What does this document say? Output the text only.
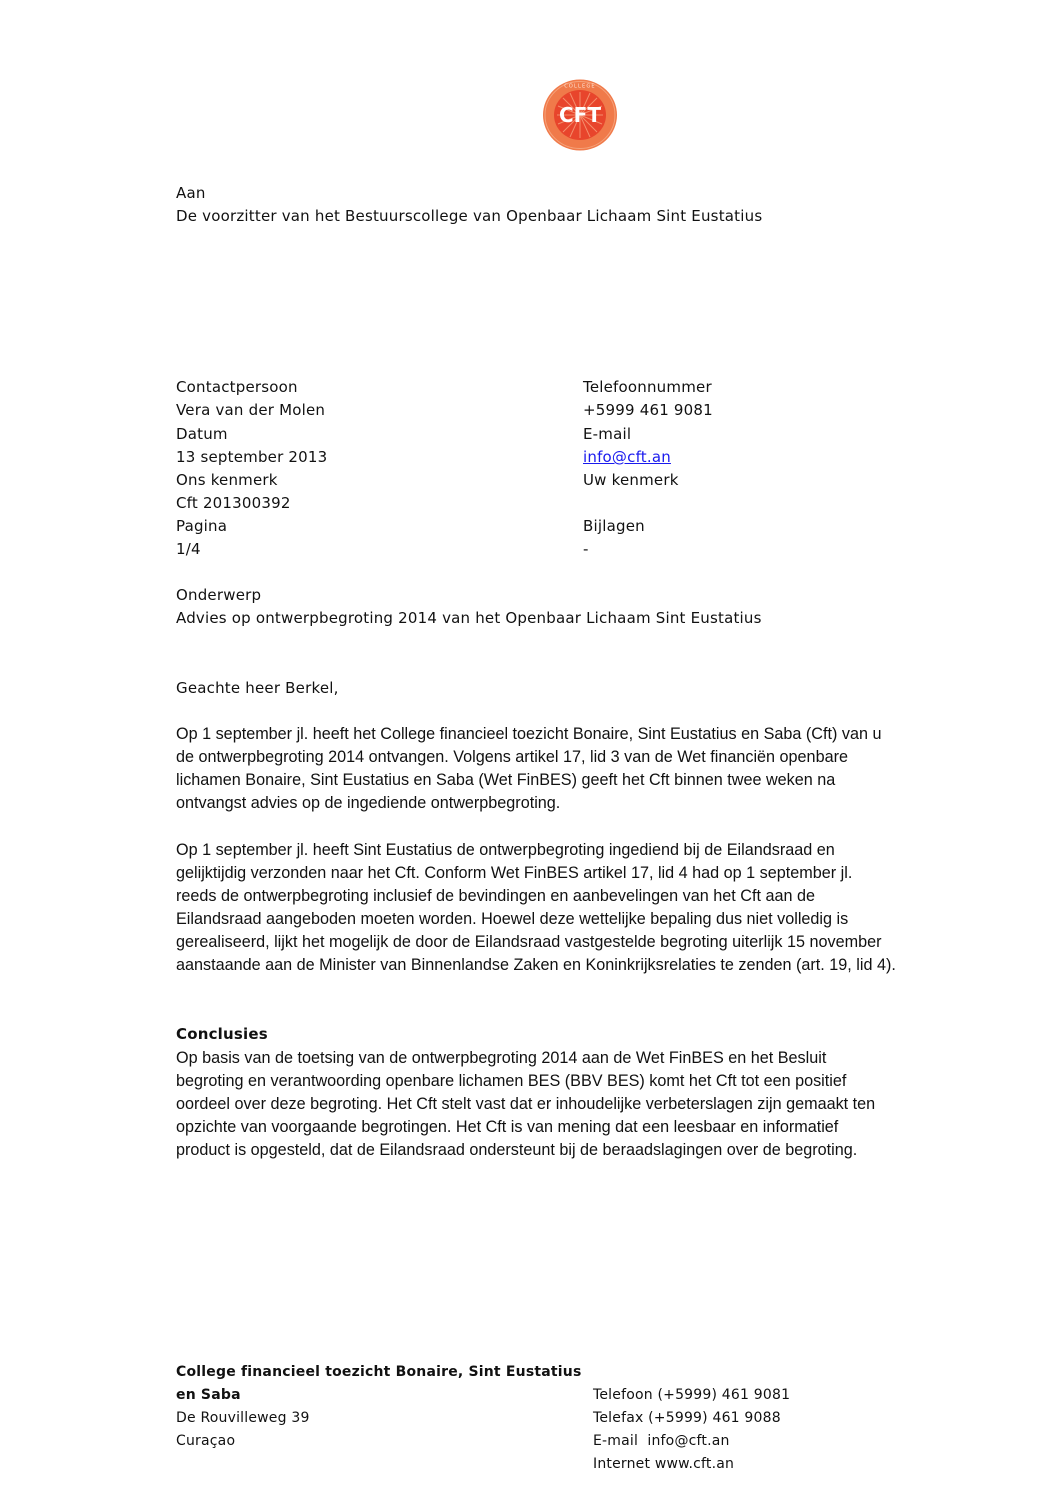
CFT
COLLEGE
Aan
De voorzitter van het Bestuurscollege van Openbaar Lichaam Sint Eustatius
Contactpersoon
Vera van der Molen
Datum
13 september 2013
Ons kenmerk
Cft 201300392
Pagina
1/4
Telefoonnummer
+5999 461 9081
E-mail
info@cft.an
Uw kenmerk
Bijlagen
-
Onderwerp
Advies op ontwerpbegroting 2014 van het Openbaar Lichaam Sint Eustatius
Geachte heer Berkel,

Op 1 september jl. heeft het College financieel toezicht Bonaire, Sint Eustatius en Saba (Cft) van u de ontwerpbegroting 2014 ontvangen. Volgens artikel 17, lid 3 van de Wet financiën openbare lichamen Bonaire, Sint Eustatius en Saba (Wet FinBES) geeft het Cft binnen twee weken na ontvangst advies op de ingediende ontwerpbegroting.

Op 1 september jl. heeft Sint Eustatius de ontwerpbegroting ingediend bij de Eilandsraad en gelijktijdig verzonden naar het Cft. Conform Wet FinBES artikel 17, lid 4 had op 1 september jl. reeds de ontwerpbegroting inclusief de bevindingen en aanbevelingen van het Cft aan de Eilandsraad aangeboden moeten worden. Hoewel deze wettelijke bepaling dus niet volledig is gerealiseerd, lijkt het mogelijk de door de Eilandsraad vastgestelde begroting uiterlijk 15 november aanstaande aan de Minister van Binnenlandse Zaken en Koninkrijksrelaties te zenden (art. 19, lid 4).

Conclusies

Op basis van de toetsing van de ontwerpbegroting 2014 aan de Wet FinBES en het Besluit begroting en verantwoording openbare lichamen BES (BBV BES) komt het Cft tot een positief oordeel over deze begroting. Het Cft stelt vast dat er inhoudelijke verbeterslagen zijn gemaakt ten opzichte van voorgaande begrotingen. Het Cft is van mening dat een leesbaar en informatief product is opgesteld, dat de Eilandsraad ondersteunt bij de beraadslagingen over de begroting.

College financieel toezicht Bonaire, Sint Eustatius
en Saba
De Rouvilleweg 39
Curaçao
Telefoon (+5999) 461 9081
Telefax (+5999) 461 9088
E-mail  info@cft.an
Internet www.cft.an
